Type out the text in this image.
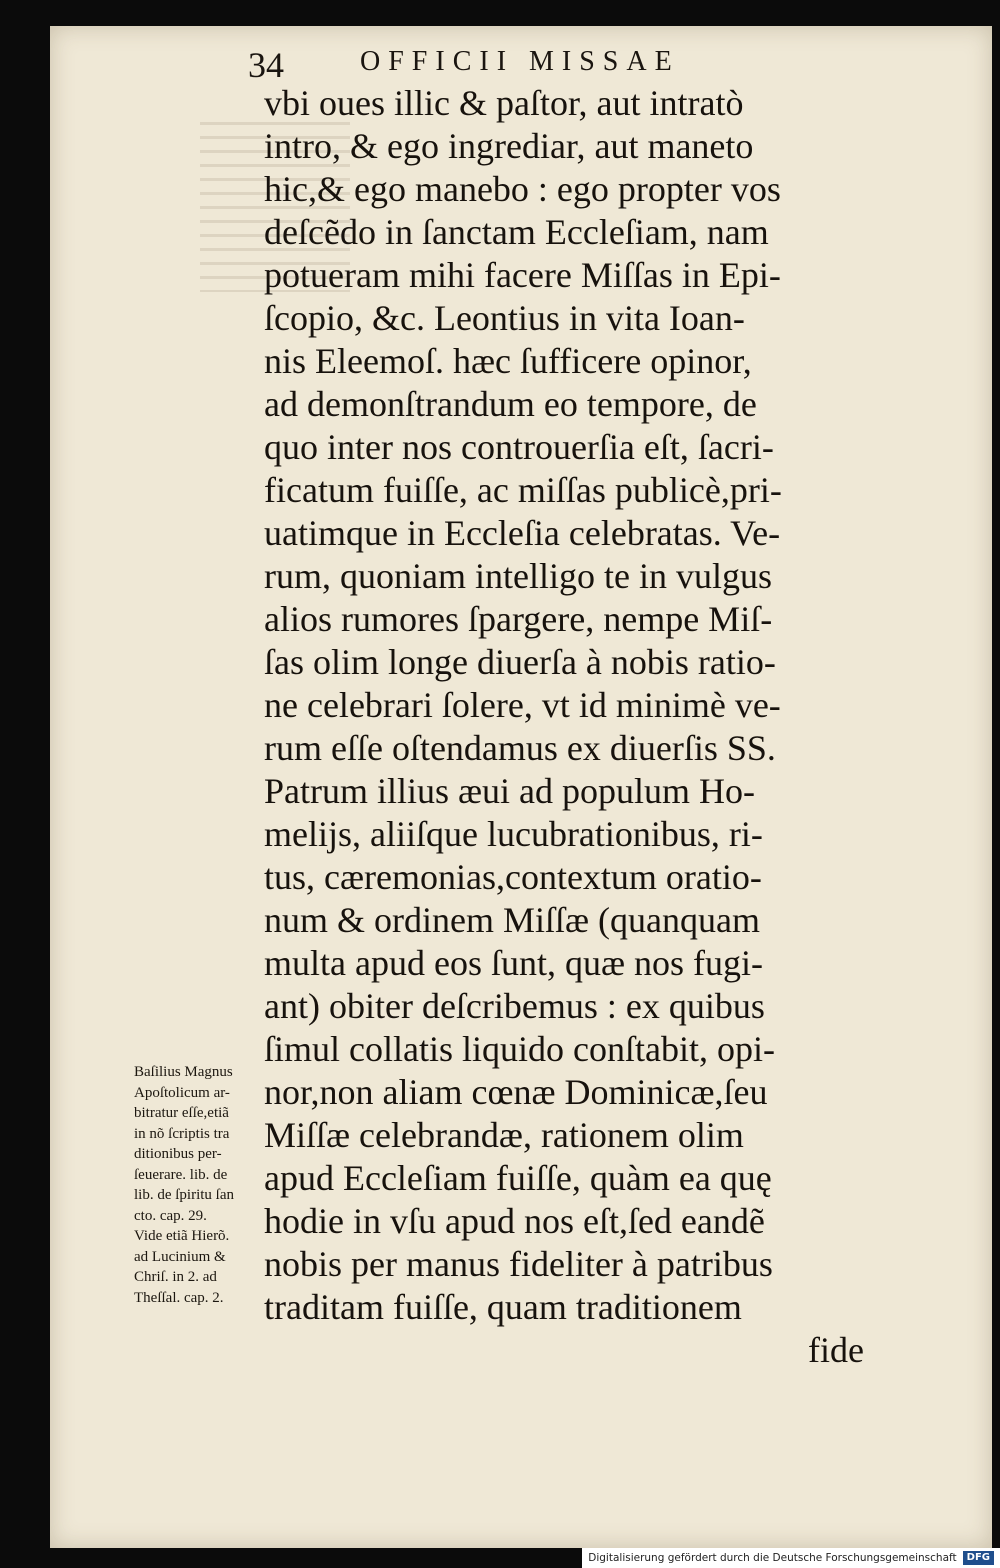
34	OFFICII MISSAE
vbi oues illic & paſtor, aut intratò
intro, & ego ingrediar, aut maneto
hic,& ego manebo : ego propter vos
deſcẽdo in ſanctam Eccleſiam, nam
potueram mihi facere Miſſas in Epi-
ſcopio, &c. Leontius in vita Ioan-
nis Eleemoſ. hæc ſufficere opinor,
ad demonſtrandum eo tempore, de
quo inter nos controuerſia eſt, ſacri-
ficatum fuiſſe, ac miſſas publicè,pri-
uatimque in Eccleſia celebratas. Ve-
rum, quoniam intelligo te in vulgus
alios rumores ſpargere, nempe Miſ-
ſas olim longe diuerſa à nobis ratio-
ne celebrari ſolere, vt id minimè ve-
rum eſſe oſtendamus ex diuerſis SS.
Patrum illius æui ad populum Ho-
melijs, aliiſque lucubrationibus, ri-
tus, cæremonias,contextum oratio-
num & ordinem Miſſæ (quanquam
multa apud eos ſunt, quæ nos fugi-
ant) obiter deſcribemus : ex quibus
ſimul collatis liquido conſtabit, opi-
nor,non aliam cœnæ Dominicæ,ſeu
Miſſæ celebrandæ, rationem olim
apud Eccleſiam fuiſſe, quàm ea quę
hodie in vſu apud nos eſt,ſed eandẽ
nobis per manus fideliter à patribus
traditam fuiſſe, quam traditionem
fide
Baſilius Magnus
Apoſtolicum ar-
bitratur eſſe,etiã
in nõ ſcriptis tra
ditionibus per-
ſeuerare. lib. de
lib. de ſpiritu ſan
cto. cap. 29.
Vide etiã Hierõ.
ad Lucinium &
Chriſ. in 2. ad
Theſſal. cap. 2.
Digitalisierung gefördert durch die Deutsche Forschungsgemeinschaft	DFG
